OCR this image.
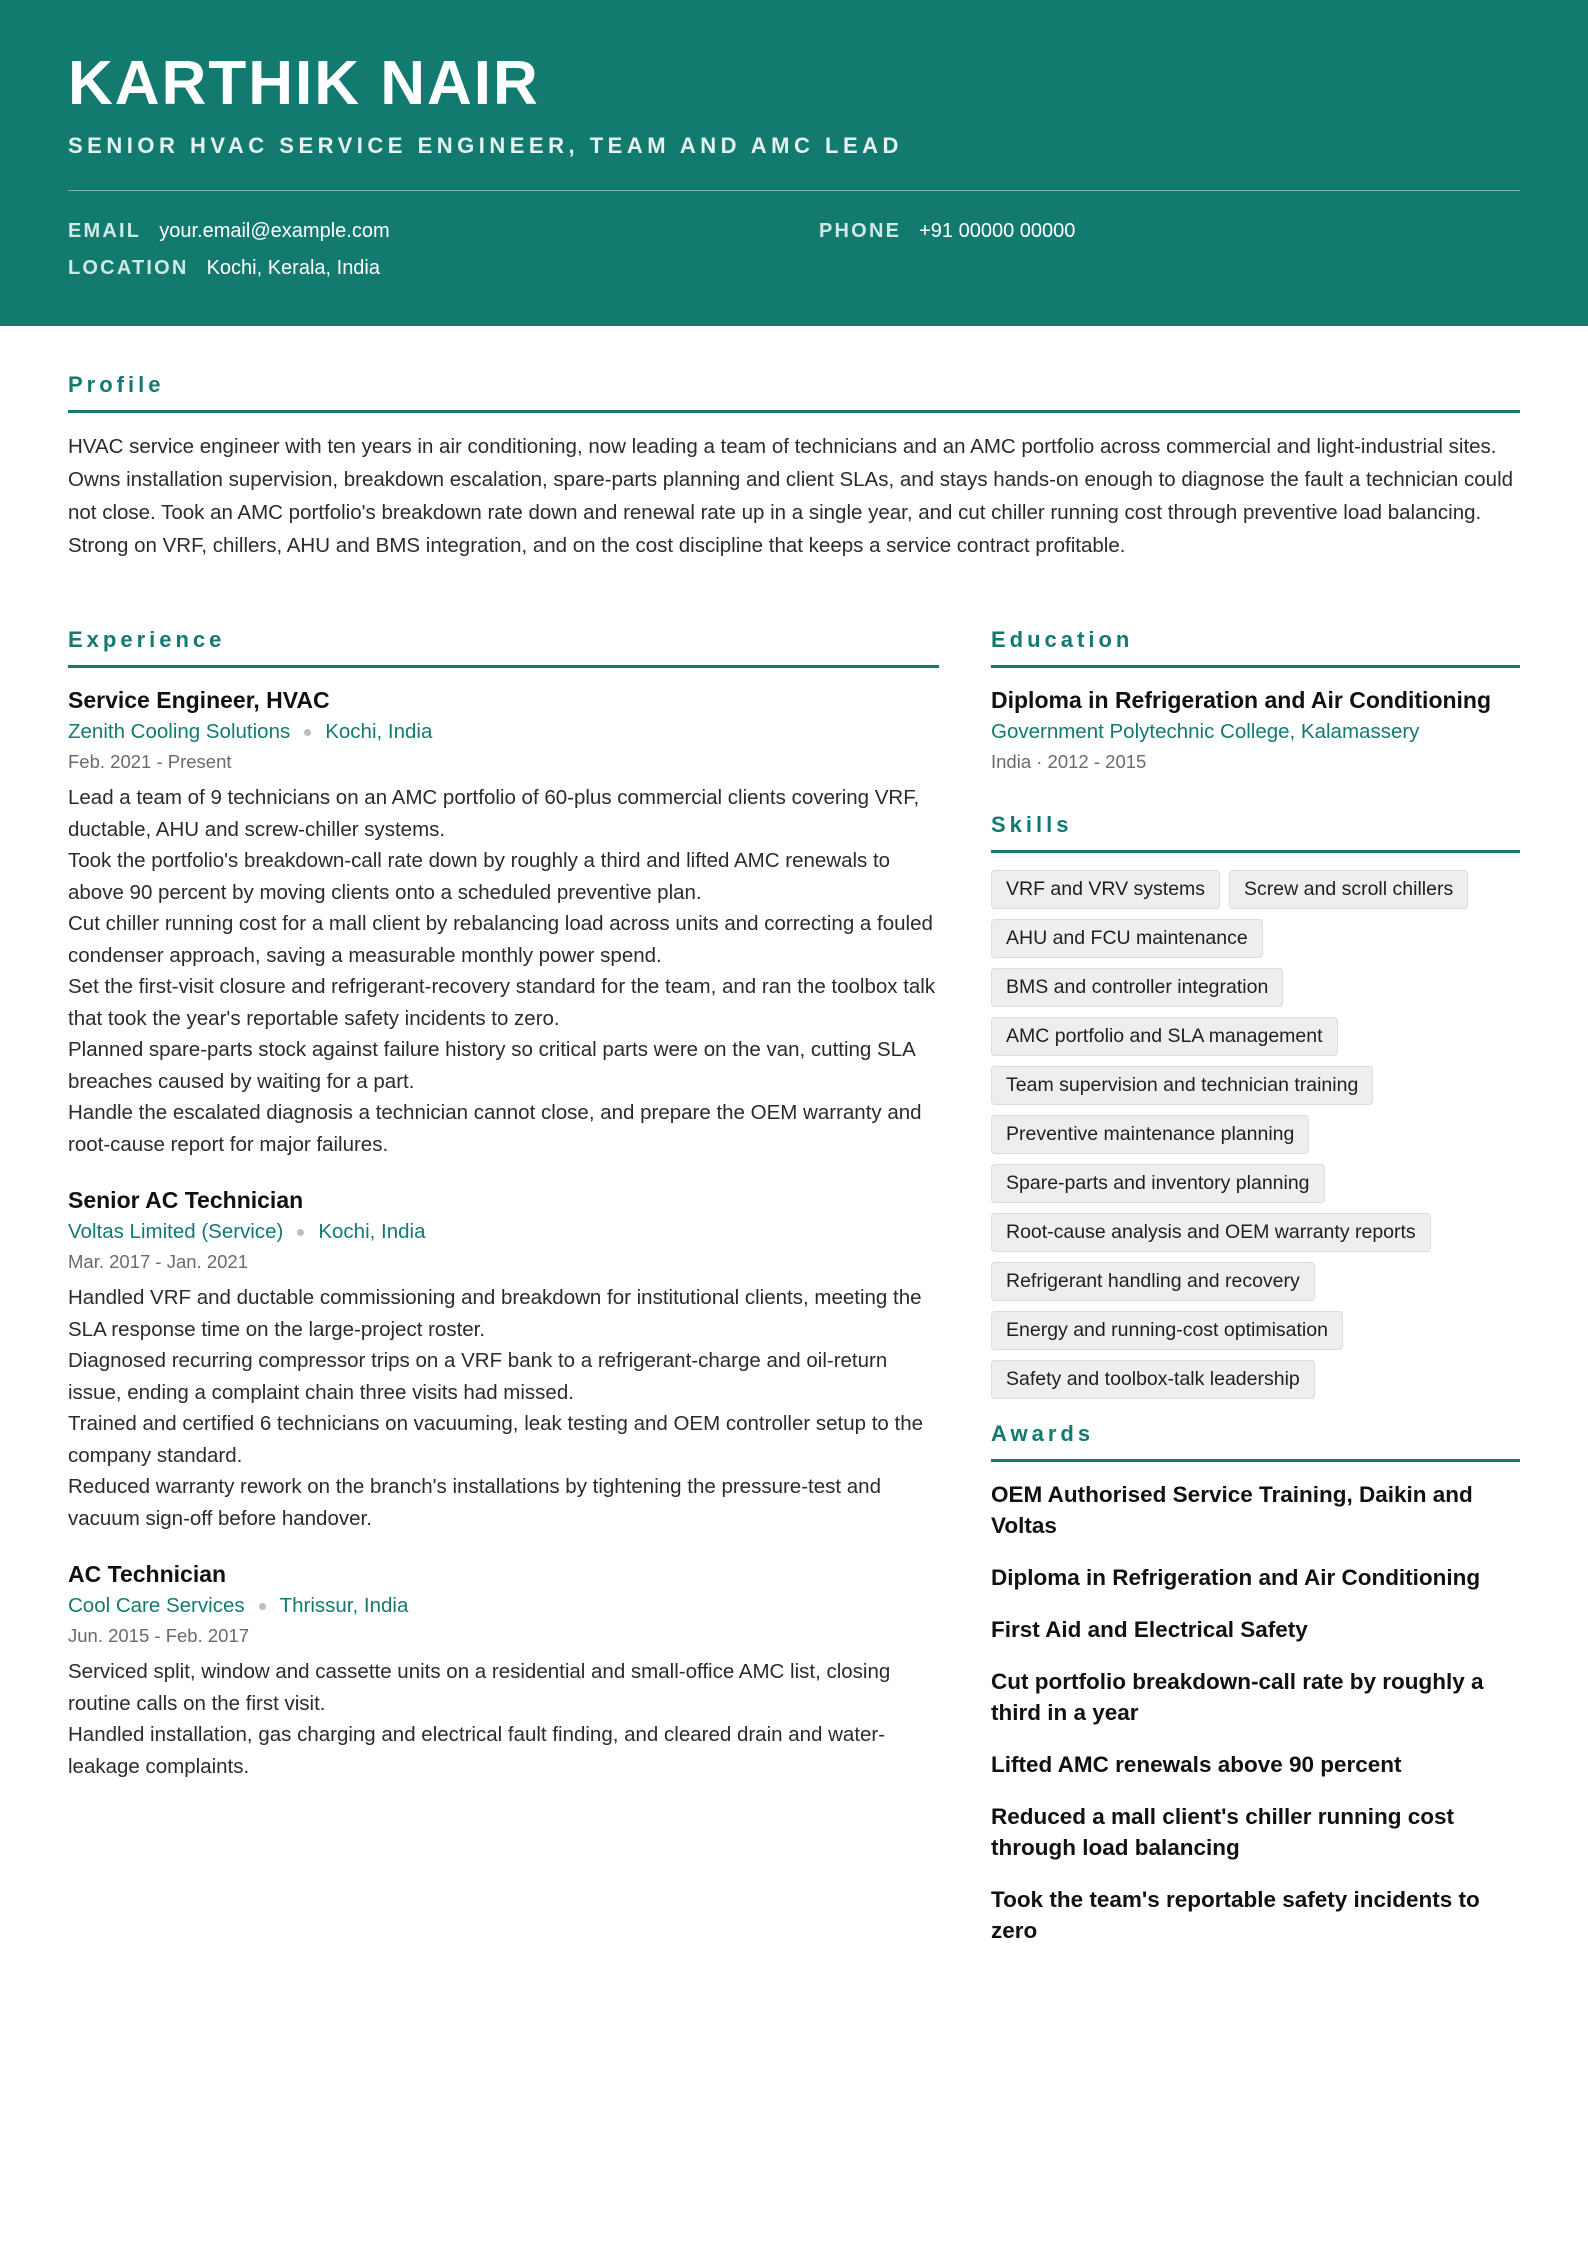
KARTHIK NAIR
SENIOR HVAC SERVICE ENGINEER, TEAM AND AMC LEAD
EMAIL your.email@example.com	PHONE +91 00000 00000
LOCATION Kochi, Kerala, India
Profile
HVAC service engineer with ten years in air conditioning, now leading a team of technicians and an AMC portfolio across commercial and light-industrial sites. Owns installation supervision, breakdown escalation, spare-parts planning and client SLAs, and stays hands-on enough to diagnose the fault a technician could not close. Took an AMC portfolio's breakdown rate down and renewal rate up in a single year, and cut chiller running cost through preventive load balancing. Strong on VRF, chillers, AHU and BMS integration, and on the cost discipline that keeps a service contract profitable.
Experience
Service Engineer, HVAC
Zenith Cooling Solutions Kochi, India
Feb. 2021 - Present
Lead a team of 9 technicians on an AMC portfolio of 60-plus commercial clients covering VRF, ductable, AHU and screw-chiller systems.
Took the portfolio's breakdown-call rate down by roughly a third and lifted AMC renewals to above 90 percent by moving clients onto a scheduled preventive plan.
Cut chiller running cost for a mall client by rebalancing load across units and correcting a fouled condenser approach, saving a measurable monthly power spend.
Set the first-visit closure and refrigerant-recovery standard for the team, and ran the toolbox talk that took the year's reportable safety incidents to zero.
Planned spare-parts stock against failure history so critical parts were on the van, cutting SLA breaches caused by waiting for a part.
Handle the escalated diagnosis a technician cannot close, and prepare the OEM warranty and root-cause report for major failures.
Senior AC Technician
Voltas Limited (Service) Kochi, India
Mar. 2017 - Jan. 2021
Handled VRF and ductable commissioning and breakdown for institutional clients, meeting the SLA response time on the large-project roster.
Diagnosed recurring compressor trips on a VRF bank to a refrigerant-charge and oil-return issue, ending a complaint chain three visits had missed.
Trained and certified 6 technicians on vacuuming, leak testing and OEM controller setup to the company standard.
Reduced warranty rework on the branch's installations by tightening the pressure-test and vacuum sign-off before handover.
AC Technician
Cool Care Services Thrissur, India
Jun. 2015 - Feb. 2017
Serviced split, window and cassette units on a residential and small-office AMC list, closing routine calls on the first visit.
Handled installation, gas charging and electrical fault finding, and cleared drain and water-leakage complaints.
Education
Diploma in Refrigeration and Air Conditioning
Government Polytechnic College, Kalamassery
India · 2012 - 2015
Skills
VRF and VRV systems Screw and scroll chillers
AHU and FCU maintenance
BMS and controller integration
AMC portfolio and SLA management
Team supervision and technician training
Preventive maintenance planning
Spare-parts and inventory planning
Root-cause analysis and OEM warranty reports
Refrigerant handling and recovery
Energy and running-cost optimisation
Safety and toolbox-talk leadership
Awards
OEM Authorised Service Training, Daikin and Voltas
Diploma in Refrigeration and Air Conditioning
First Aid and Electrical Safety
Cut portfolio breakdown-call rate by roughly a third in a year
Lifted AMC renewals above 90 percent
Reduced a mall client's chiller running cost through load balancing
Took the team's reportable safety incidents to zero
